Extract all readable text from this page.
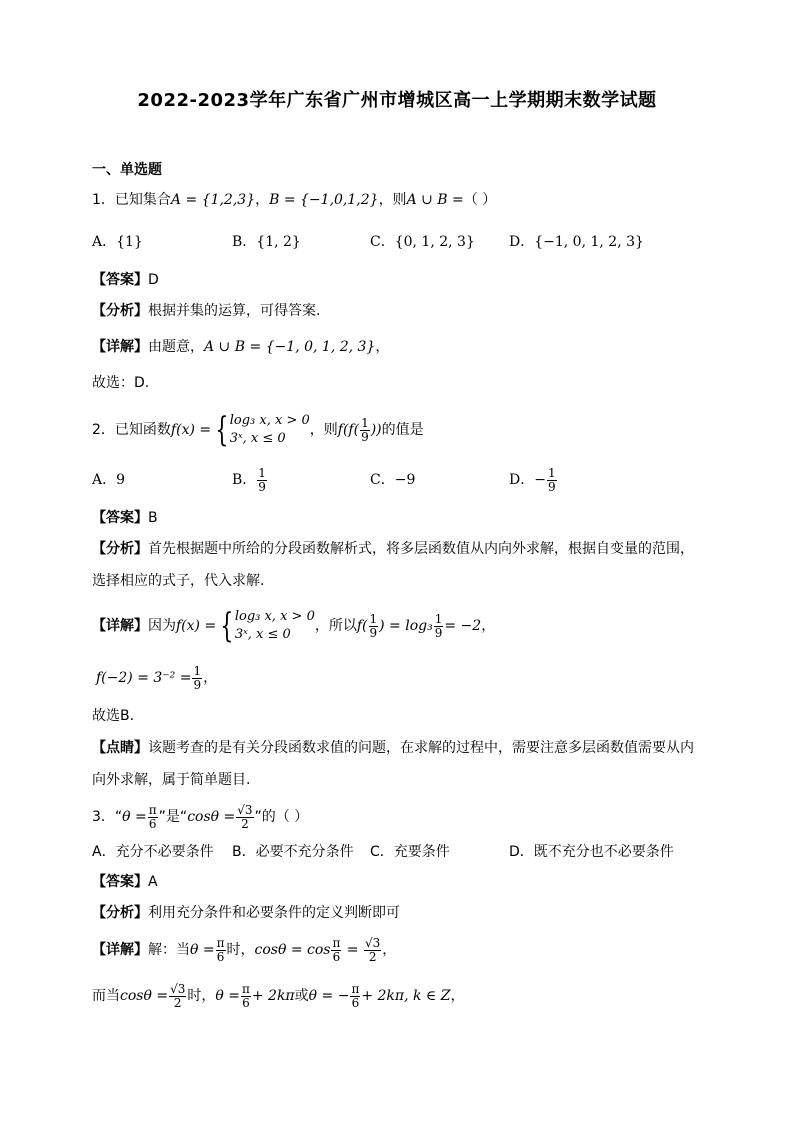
2022-2023学年广东省广州市增城区高一上学期期末数学试题
一、单选题
1．已知集合A = {1,2,3}，B = {−1,0,1,2}，则A ∪ B =（ ）
A．{1}	B．{1, 2}	C．{0, 1, 2, 3} D．{−1, 0, 1, 2, 3}
【答案】D
【分析】根据并集的运算，可得答案.
【详解】由题意，A ∪ B = {−1, 0, 1, 2, 3}，
故选：D.
2．已知函数f(x) = { log₃ x, x > 0
3ˣ, x ≤ 0
，则$f(f( \frac{1}{9}$ ))的值是
A．9	B． $\frac{1}{9}$	C．−9	D．− $\frac{1}{9}$
【答案】B
【分析】首先根据题中所给的分段函数解析式，将多层函数值从内向外求解，根据自变量的范围，
选择相应的式子，代入求解.
【详解】因为f(x) = { log₃ x, x > 0
3ˣ, x ≤ 0
，所以$f( \frac{1}{9}$ ) = $\log_3 \frac{1}{9} = -2$，
$f(-2) = 3^{-2} = \frac{1}{9}$ ，
故选B.
【点睛】该题考查的是有关分段函数求值的问题，在求解的过程中，需要注意多层函数值需要从内
向外求解，属于简单题目.
3．“$\theta = \frac{\pi}{6}$ ”是“$\cos\theta = \frac{√3}{2}$ ”的（ ）
A．充分不必要条件 B．必要不充分条件 C．充要条件	D．既不充分也不必要条件
【答案】A
【分析】利用充分条件和必要条件的定义判断即可
【详解】解：当$\theta = \frac{\pi}{6}$ 时，$\cos\theta = \cos \frac{\pi}{6} = \frac{√3}{2}$ ，
而当$\cos\theta = \frac{√3}{2}$ 时，$\theta = \frac{\pi}{6} + 2k\pi$或θ = − $\frac{\pi}{6} + 2k\pi$, k ∈ Z，
